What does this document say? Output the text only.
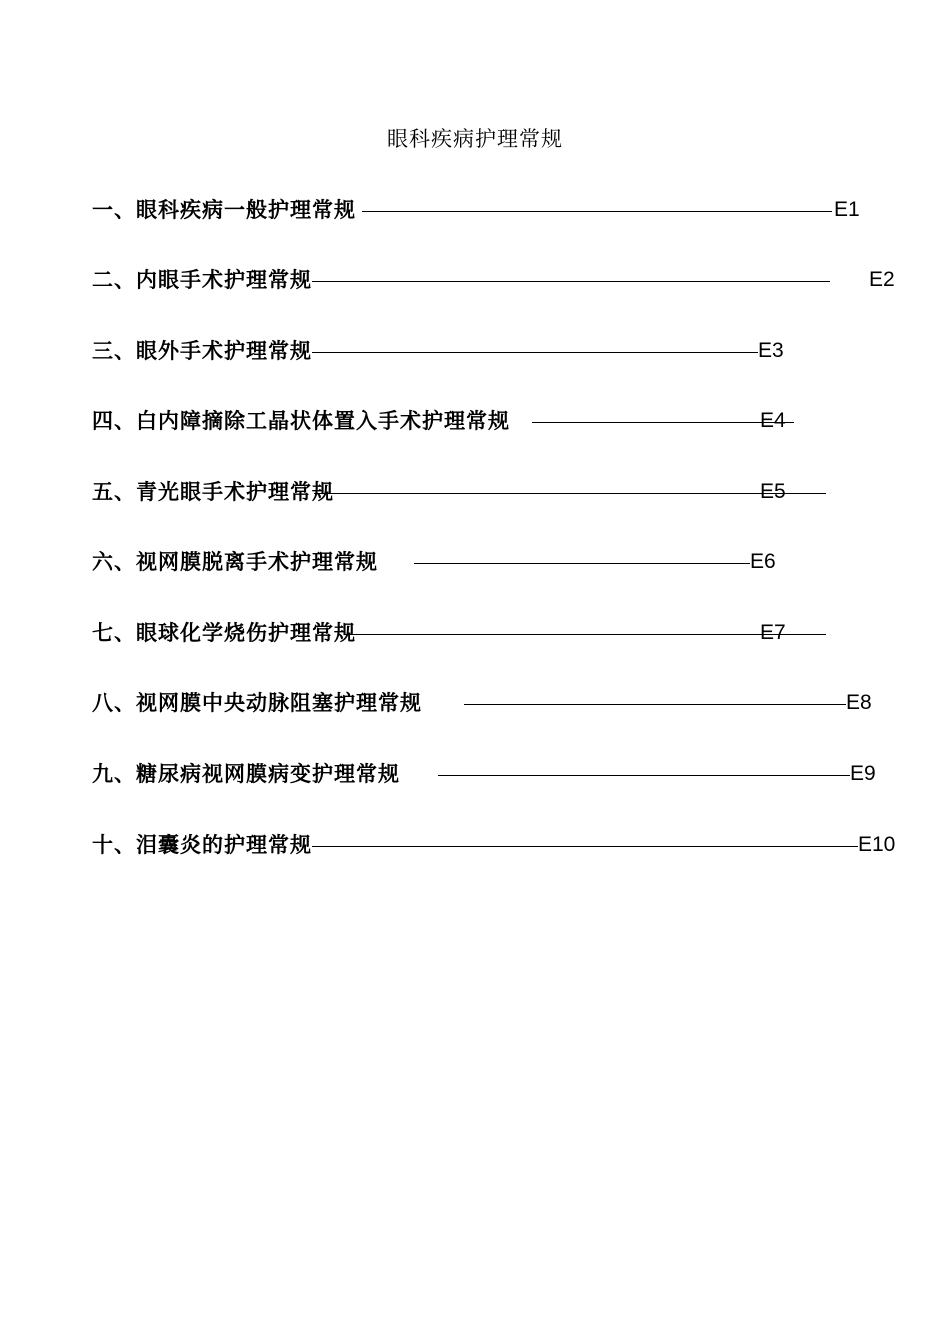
眼科疾病护理常规
一、眼科疾病一般护理常规	E1
二、内眼手术护理常规	E2
三、眼外手术护理常规	E3
四、白内障摘除工晶状体置入手术护理常规	E4
五、青光眼手术护理常规	E5
六、视网膜脱离手术护理常规	E6
七、眼球化学烧伤护理常规	E7
八、视网膜中央动脉阻塞护理常规	E8
九、糖尿病视网膜病变护理常规	E9
十、泪囊炎的护理常规	E10
